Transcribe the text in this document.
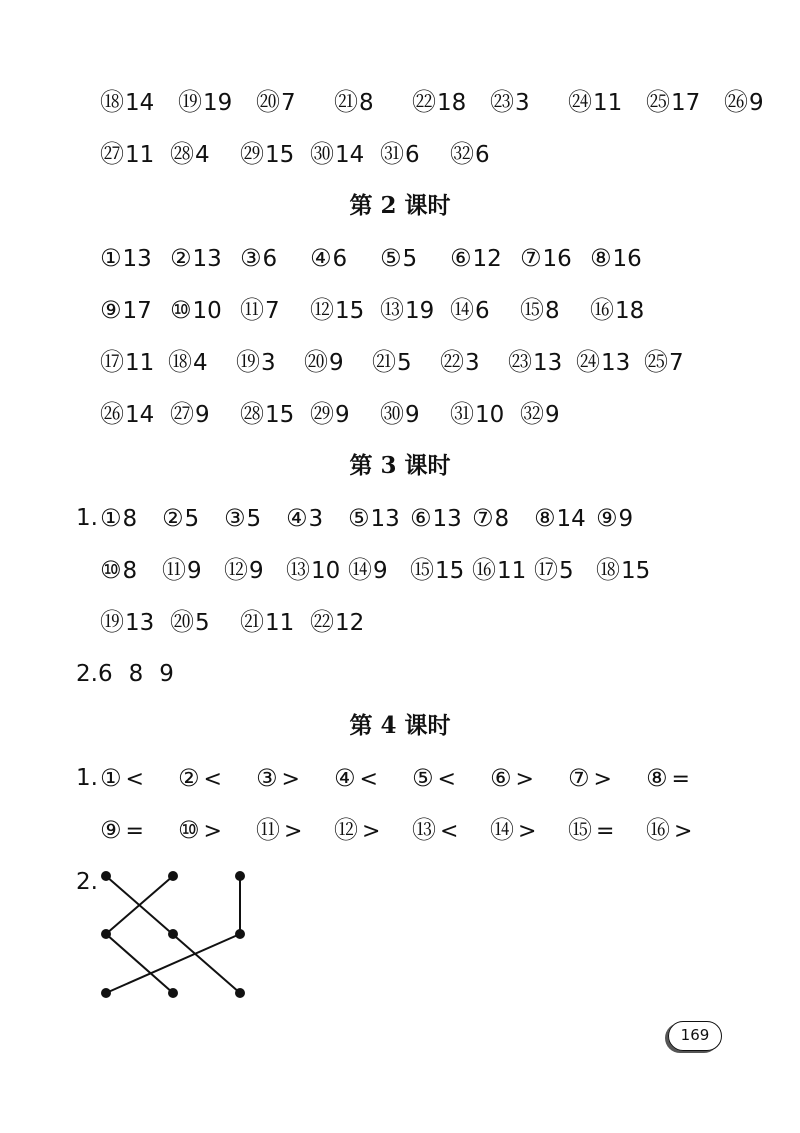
⑱14 ⑲19 ⑳7 ㉑8 ㉒18 ㉓3 ㉔11 ㉕17 ㉖9
㉗11 ㉘4 ㉙15 ㉚14 ㉛6 ㉜6
第 2 课时
①13 ②13 ③6 ④6 ⑤5 ⑥12 ⑦16 ⑧16
⑨17 ⑩10 ⑪7 ⑫15 ⑬19 ⑭6 ⑮8 ⑯18
⑰11 ⑱4 ⑲3 ⑳9 ㉑5 ㉒3 ㉓13 ㉔13 ㉕7
㉖14 ㉗9 ㉘15 ㉙9 ㉚9 ㉛10 ㉜9
第 3 课时
1. ①8 ②5 ③5 ④3 ⑤13 ⑥13 ⑦8 ⑧14 ⑨9
⑩8 ⑪9 ⑫9 ⑬10 ⑭9 ⑮15 ⑯11 ⑰5 ⑱15
⑲13 ⑳5 ㉑11 ㉒12
2.6 8 9
第 4 课时
1. ① < ② < ③ > ④ < ⑤ < ⑥ > ⑦ > ⑧ =
⑨ = ⑩ > ⑪ > ⑫ > ⑬ < ⑭ > ⑮ = ⑯ >
2.
169
